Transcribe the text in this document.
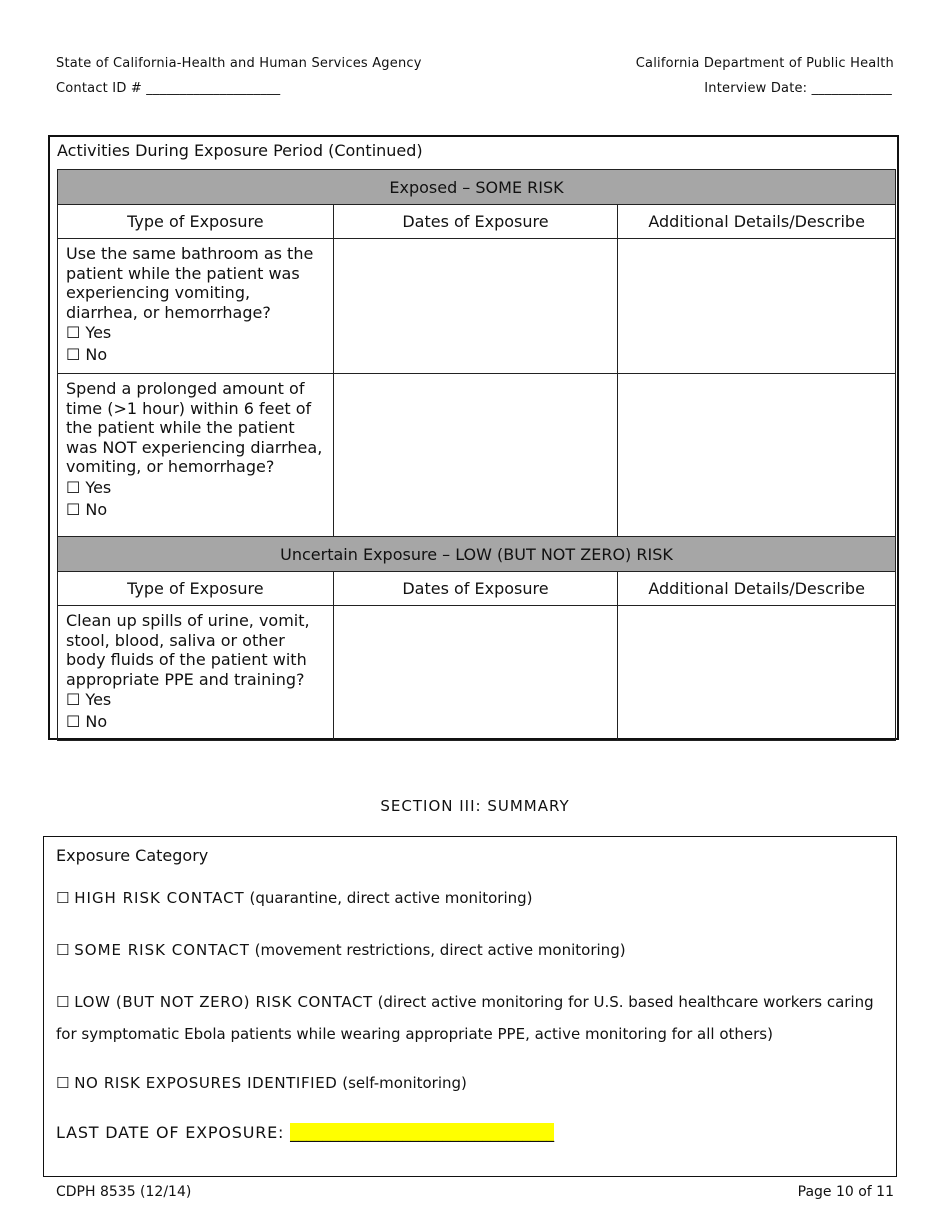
State of California-Health and Human Services Agency	California Department of Public Health
Contact ID # ____________________	Interview Date: ____________
Activities During Exposure Period (Continued)
Exposed – SOME RISK		
Type of Exposure	Dates of Exposure	Additional Details/Describe

Use the same bathroom as the patient while the patient was experiencing vomiting, diarrhea, or hemorrhage?
☐ Yes
☐ No		

Spend a prolonged amount of time (>1 hour) within 6 feet of the patient while the patient was NOT experiencing diarrhea, vomiting, or hemorrhage?
☐ Yes
☐ No		

Uncertain Exposure – LOW (BUT NOT ZERO) RISK		
Type of Exposure	Dates of Exposure	Additional Details/Describe

Clean up spills of urine, vomit, stool, blood, saliva or other body fluids of the patient with appropriate PPE and training?
☐ Yes
☐ No		

SECTION III: SUMMARY
Exposure Category
☐ HIGH RISK CONTACT (quarantine, direct active monitoring)
☐ SOME RISK CONTACT (movement restrictions, direct active monitoring)
☐ LOW (BUT NOT ZERO) RISK CONTACT (direct active monitoring for U.S. based healthcare workers caring
for symptomatic Ebola patients while wearing appropriate PPE, active monitoring for all others)
☐ NO RISK EXPOSURES IDENTIFIED (self-monitoring)
LAST DATE OF EXPOSURE: _________________________________
CDPH 8535 (12/14)	Page 10 of 11
